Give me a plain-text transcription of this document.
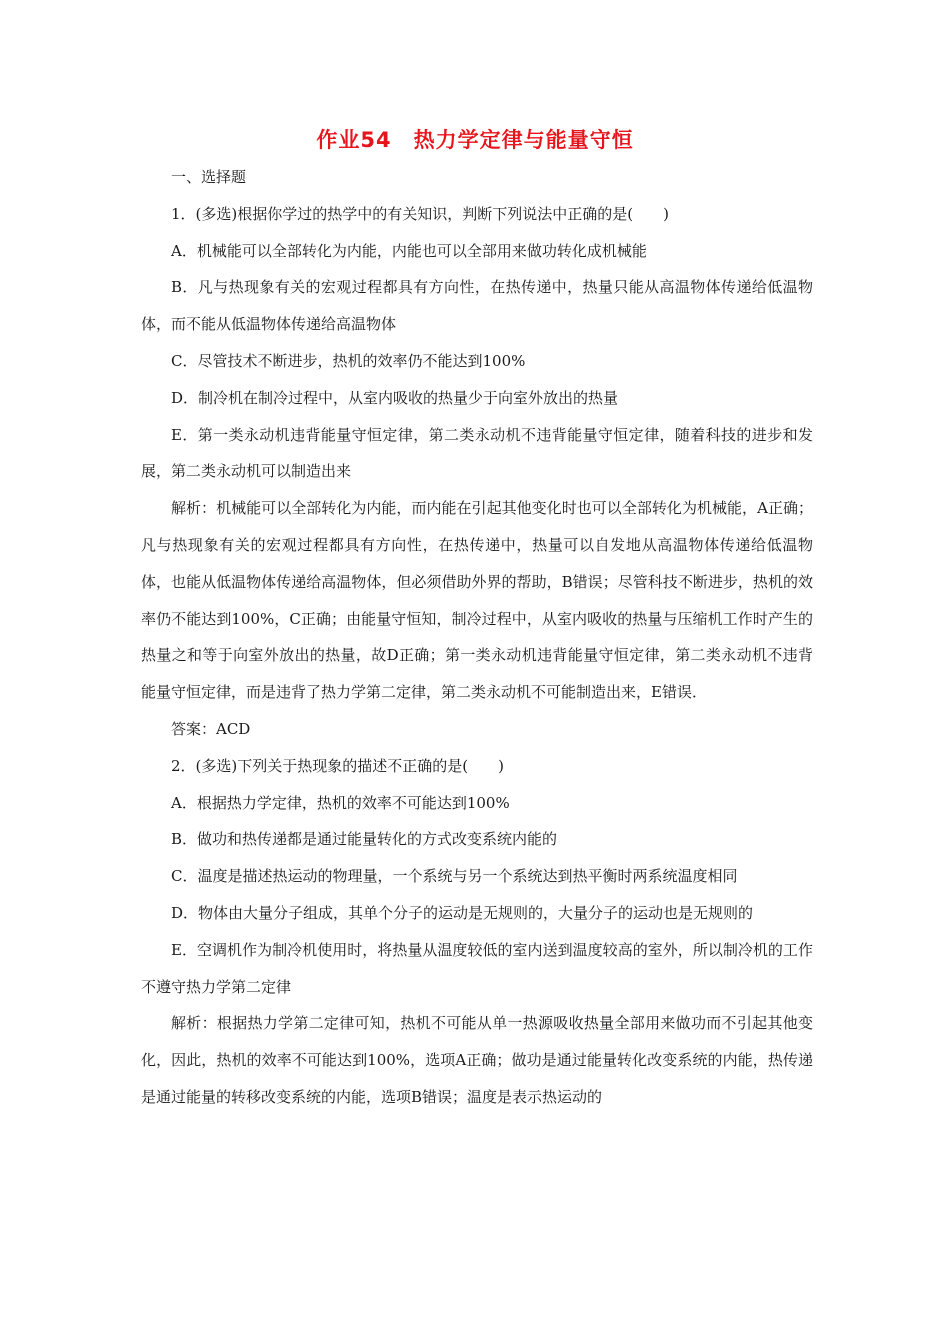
作业54　热力学定律与能量守恒

一、选择题

1．(多选)根据你学过的热学中的有关知识，判断下列说法中正确的是(　　)

A．机械能可以全部转化为内能，内能也可以全部用来做功转化成机械能

B．凡与热现象有关的宏观过程都具有方向性，在热传递中，热量只能从高温物体传递给低温物体，而不能从低温物体传递给高温物体

C．尽管技术不断进步，热机的效率仍不能达到100%

D．制冷机在制冷过程中，从室内吸收的热量少于向室外放出的热量

E．第一类永动机违背能量守恒定律，第二类永动机不违背能量守恒定律，随着科技的进步和发展，第二类永动机可以制造出来

解析：机械能可以全部转化为内能，而内能在引起其他变化时也可以全部转化为机械能，A正确；凡与热现象有关的宏观过程都具有方向性，在热传递中，热量可以自发地从高温物体传递给低温物体，也能从低温物体传递给高温物体，但必须借助外界的帮助，B错误；尽管科技不断进步，热机的效率仍不能达到100%，C正确；由能量守恒知，制冷过程中，从室内吸收的热量与压缩机工作时产生的热量之和等于向室外放出的热量，故D正确；第一类永动机违背能量守恒定律，第二类永动机不违背能量守恒定律，而是违背了热力学第二定律，第二类永动机不可能制造出来，E错误．

答案：ACD

2．(多选)下列关于热现象的描述不正确的是(　　)

A．根据热力学定律，热机的效率不可能达到100%

B．做功和热传递都是通过能量转化的方式改变系统内能的

C．温度是描述热运动的物理量，一个系统与另一个系统达到热平衡时两系统温度相同

D．物体由大量分子组成，其单个分子的运动是无规则的，大量分子的运动也是无规则的

E．空调机作为制冷机使用时，将热量从温度较低的室内送到温度较高的室外，所以制冷机的工作不遵守热力学第二定律

解析：根据热力学第二定律可知，热机不可能从单一热源吸收热量全部用来做功而不引起其他变化，因此，热机的效率不可能达到100%，选项A正确；做功是通过能量转化改变系统的内能，热传递是通过能量的转移改变系统的内能，选项B错误；温度是表示热运动的
